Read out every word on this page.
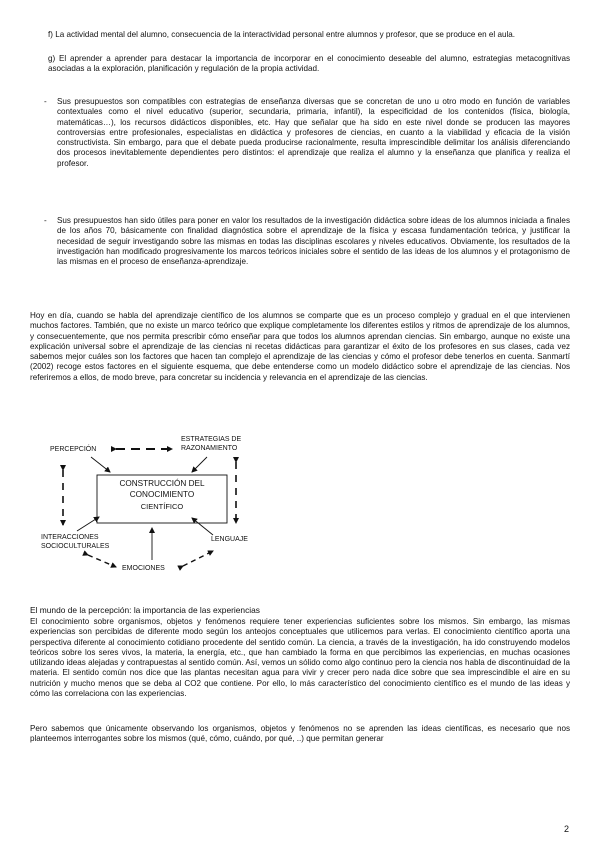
f) La actividad mental del alumno, consecuencia de la interactividad personal entre alumnos y profesor, que se produce en el aula.

g) El aprender a aprender para destacar la importancia de incorporar en el conocimiento deseable del alumno, estrategias metacognitivas asociadas a la exploración, planificación y regulación de la propia actividad.

- Sus presupuestos son compatibles con estrategias de enseñanza diversas que se concretan de uno u otro modo en función de variables contextuales como el nivel educativo (superior, secundaria, primaria, infantil), la especificidad de los contenidos (física, biología, matemáticas…), los recursos didácticos disponibles, etc. Hay que señalar que ha sido en este nivel donde se producen las mayores controversias entre profesionales, especialistas en didáctica y profesores de ciencias, en cuanto a la viabilidad y eficacia de la visión constructivista. Sin embargo, para que el debate pueda producirse racionalmente, resulta imprescindible delimitar los análisis diferenciando dos procesos inevitablemente dependientes pero distintos: el aprendizaje que realiza el alumno y la enseñanza que planifica y realiza el profesor.

- Sus presupuestos han sido útiles para poner en valor los resultados de la investigación didáctica sobre ideas de los alumnos iniciada a finales de los años 70, básicamente con finalidad diagnóstica sobre el aprendizaje de la física y escasa fundamentación teórica, y justificar la necesidad de seguir investigando sobre las mismas en todas las disciplinas escolares y niveles educativos. Obviamente, los resultados de la investigación han modificado progresivamente los marcos teóricos iniciales sobre el sentido de las ideas de los alumnos y el protagonismo de las mismas en el proceso de enseñanza-aprendizaje.

Hoy en día, cuando se habla del aprendizaje científico de los alumnos se comparte que es un proceso complejo y gradual en el que intervienen muchos factores. También, que no existe un marco teórico que explique completamente los diferentes estilos y ritmos de aprendizaje de los alumnos, y consecuentemente, que nos permita prescribir cómo enseñar para que todos los alumnos aprendan ciencias. Sin embargo, aunque no existe una explicación universal sobre el aprendizaje de las ciencias ni recetas didácticas para garantizar el éxito de los profesores en sus clases, cada vez sabemos mejor cuáles son los factores que hacen tan complejo el aprendizaje de las ciencias y cómo el profesor debe tenerlos en cuenta. Sanmartí (2002) recoge estos factores en el siguiente esquema, que debe entenderse como un modelo didáctico sobre el aprendizaje de las ciencias. Nos referiremos a ellos, de modo breve, para concretar su incidencia y relevancia en el aprendizaje de las ciencias.

CONSTRUCCIÓN DEL
CONOCIMIENTO
CIENTÍFICO
PERCEPCIÓN
ESTRATEGIAS DE
RAZONAMIENTO
INTERACCIONES
SOCIOCULTURALES
LENGUAJE
EMOCIONES
El mundo de la percepción: la importancia de las experiencias

El conocimiento sobre organismos, objetos y fenómenos requiere tener experiencias suficientes sobre los mismos. Sin embargo, las mismas experiencias son percibidas de diferente modo según los anteojos conceptuales que utilicemos para verlas. El conocimiento científico aporta una perspectiva diferente al conocimiento cotidiano procedente del sentido común. La ciencia, a través de la investigación, ha ido construyendo modelos teóricos sobre los seres vivos, la materia, la energía, etc., que han cambiado la forma en que percibimos las experiencias, en muchas ocasiones utilizando ideas alejadas y contrapuestas al sentido común. Así, vemos un sólido como algo continuo pero la ciencia nos habla de discontinuidad de la materia. El sentido común nos dice que las plantas necesitan agua para vivir y crecer pero nada dice sobre que sea imprescindible el aire en su nutrición y mucho menos que se deba al CO2 que contiene. Por ello, lo más característico del conocimiento científico es el mundo de las ideas y cómo las correlaciona con las experiencias.

Pero sabemos que únicamente observando los organismos, objetos y fenómenos no se aprenden las ideas científicas, es necesario que nos planteemos interrogantes sobre los mismos (qué, cómo, cuándo, por qué, ..) que permitan generar

2
